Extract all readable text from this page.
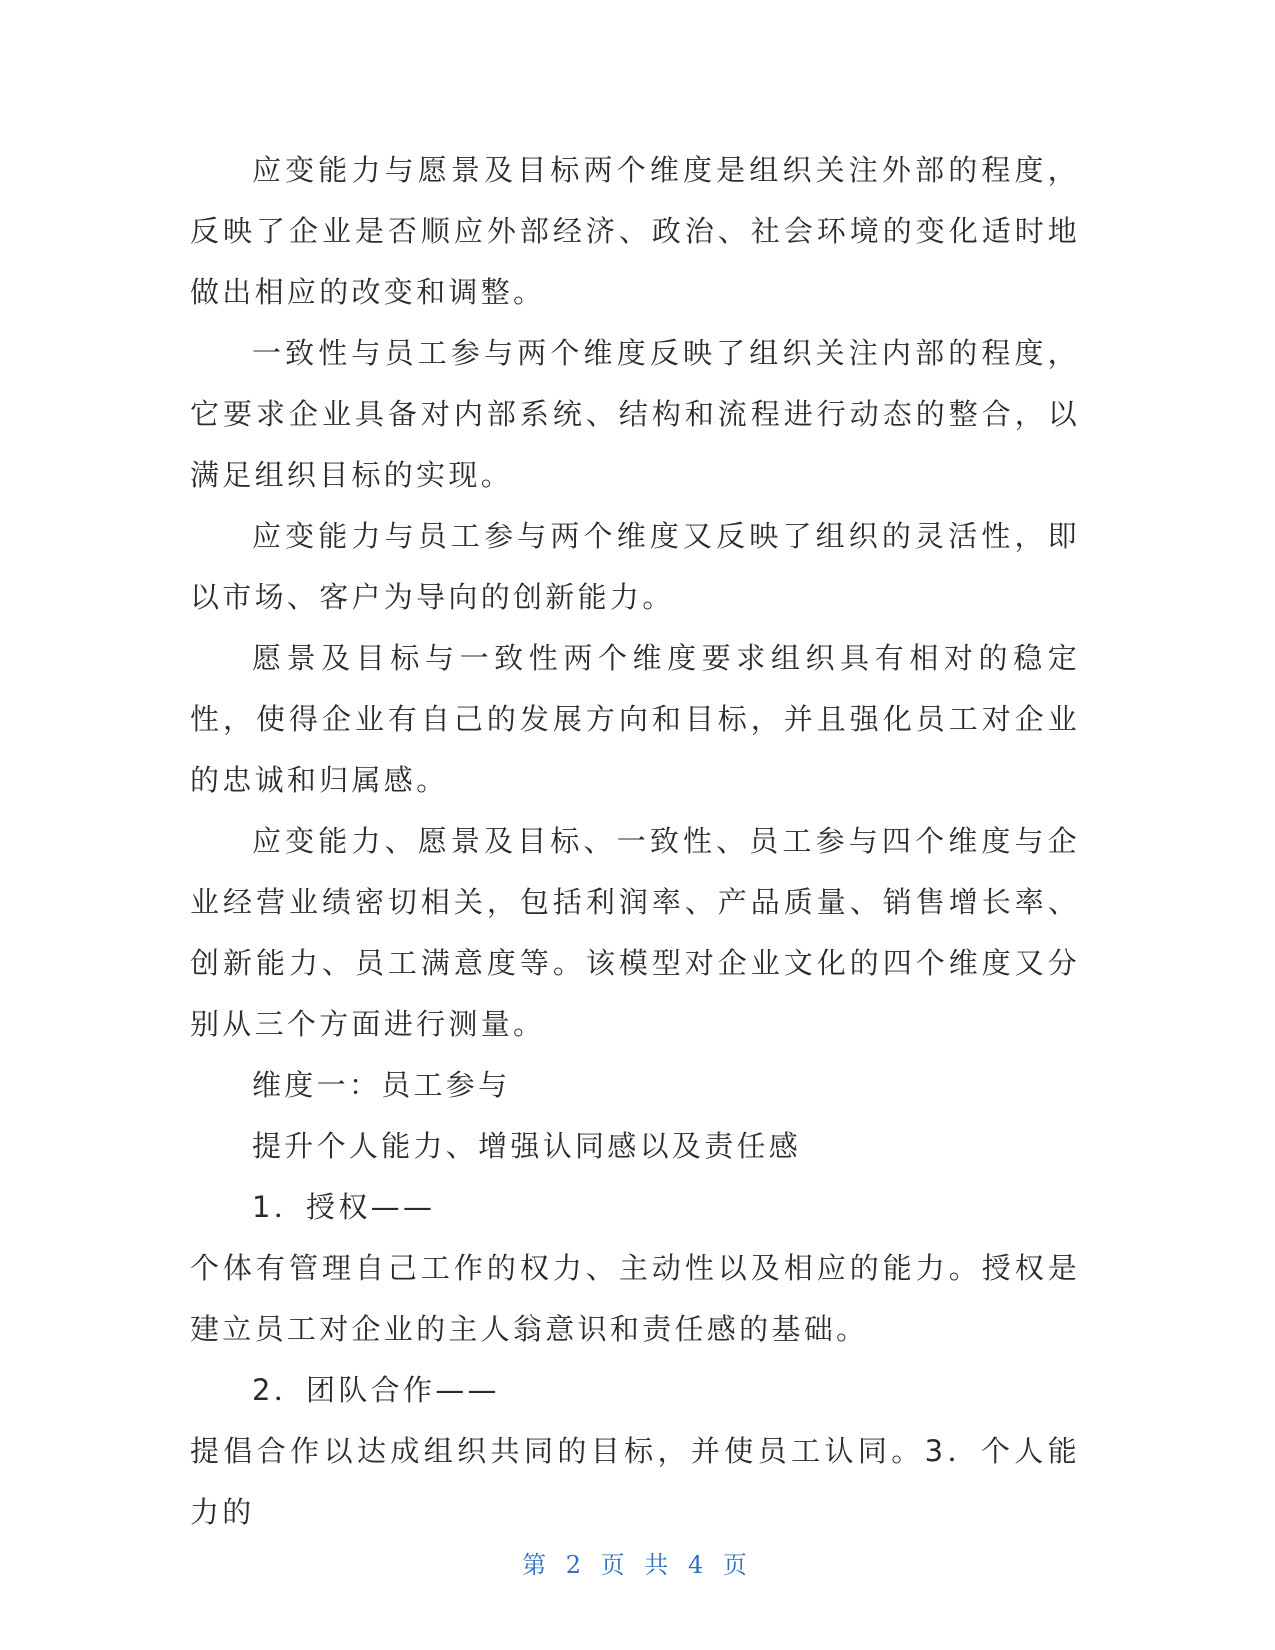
应变能力与愿景及目标两个维度是组织关注外部的程度，反映了企业是否顺应外部经济、政治、社会环境的变化适时地做出相应的改变和调整。

一致性与员工参与两个维度反映了组织关注内部的程度，它要求企业具备对内部系统、结构和流程进行动态的整合，以满足组织目标的实现。

应变能力与员工参与两个维度又反映了组织的灵活性，即以市场、客户为导向的创新能力。

愿景及目标与一致性两个维度要求组织具有相对的稳定性，使得企业有自己的发展方向和目标，并且强化员工对企业的忠诚和归属感。

应变能力、愿景及目标、一致性、员工参与四个维度与企业经营业绩密切相关，包括利润率、产品质量、销售增长率、创新能力、员工满意度等。该模型对企业文化的四个维度又分别从三个方面进行测量。

维度一：员工参与

提升个人能力、增强认同感以及责任感

1．授权——

个体有管理自己工作的权力、主动性以及相应的能力。授权是建立员工对企业的主人翁意识和责任感的基础。

2．团队合作——

提倡合作以达成组织共同的目标，并使员工认同。3．个人能力的

第 2 页 共 4 页
